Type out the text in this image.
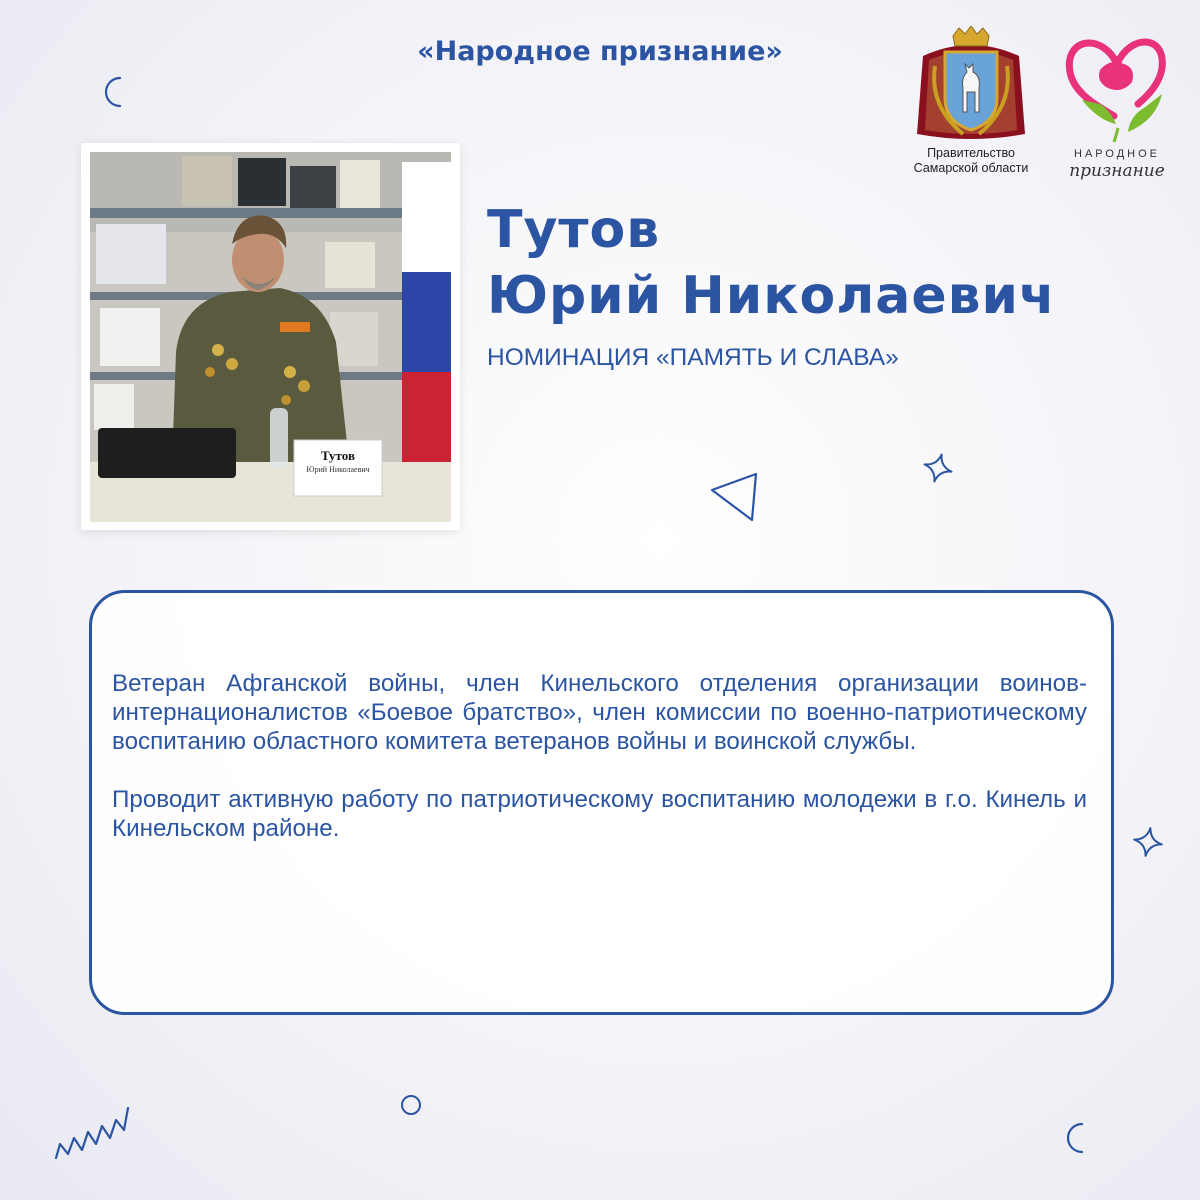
«Народное признание»
Правительство
Самарской области
НАРОДНОЕ
признание
Тутов
Юрий Николаевич
Тутов
Юрий Николаевич
НОМИНАЦИЯ «ПАМЯТЬ И СЛАВА»

Ветеран Афганской войны, член Кинельского отделения организации воинов-интернационалистов «Боевое братство», член комиссии по военно-патриотическому воспитанию областного комитета ветеранов войны и воинской службы.

Проводит активную работу по патриотическому воспитанию молодежи в г.о. Кинель и Кинельском районе.
